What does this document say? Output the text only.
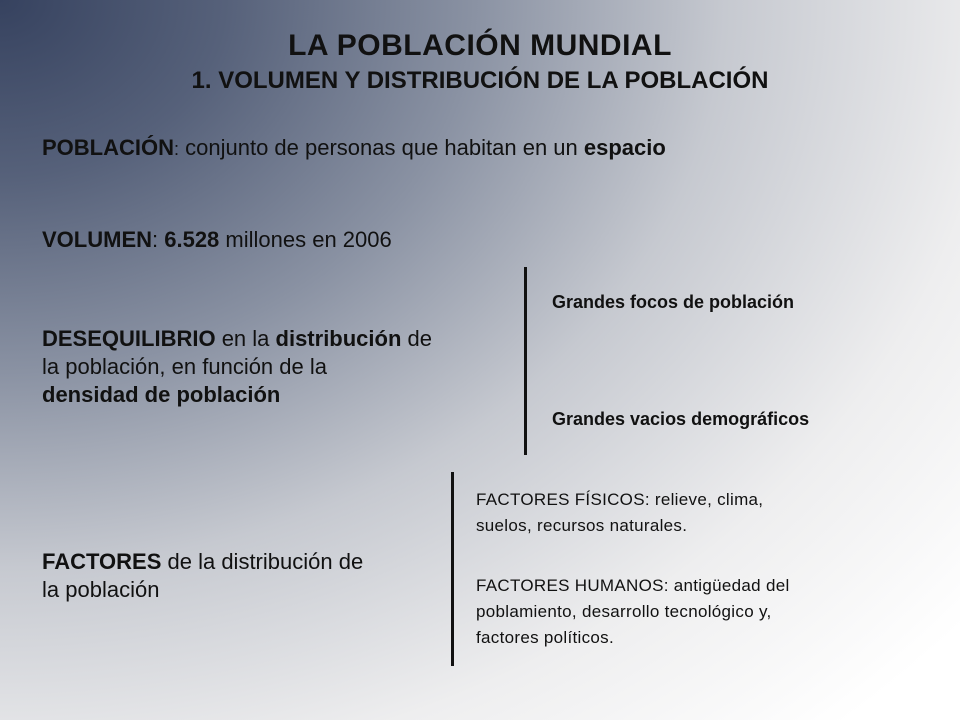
LA POBLACIÓN MUNDIAL
1. VOLUMEN Y DISTRIBUCIÓN DE LA POBLACIÓN
POBLACIÓN: conjunto de personas que habitan en un espacio
VOLUMEN: 6.528 millones en 2006
DESEQUILIBRIO en la distribución de
la población, en función de la
densidad de población
Grandes focos de población
Grandes vacios demográficos
FACTORES de la distribución de
la población
FACTORES FÍSICOS: relieve, clima,
suelos, recursos naturales.
FACTORES HUMANOS: antigüedad del
poblamiento, desarrollo tecnológico y,
factores políticos.
